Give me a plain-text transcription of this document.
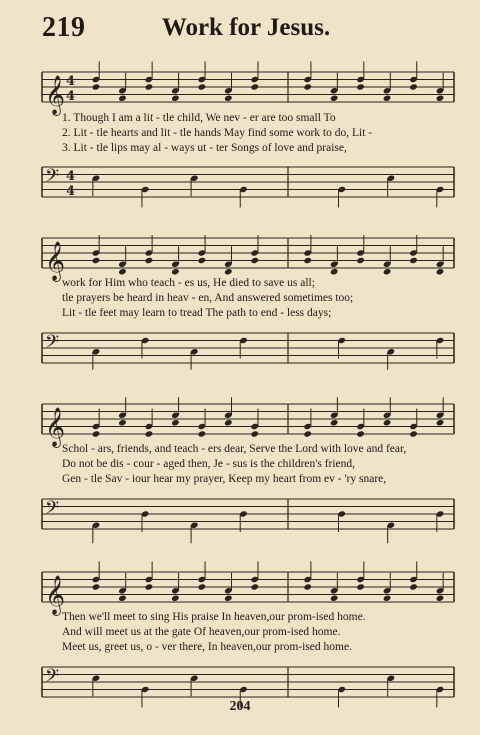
219	Work for Jesus.
𝄞 4
4
1. Though I am a lit - tle child, We nev - er are too small To
2. Lit - tle hearts and lit - tle hands May find some work to do, Lit -
3. Lit - tle lips may al - ways ut - ter Songs of love and praise,
𝄢 4
4
𝄞
work for Him who teach - es us, He died to save us all;
tle prayers be heard in heav - en, And answered sometimes too;
Lit - tle feet may learn to tread The path to end - less days;
𝄢
𝄞
Schol - ars, friends, and teach - ers dear, Serve the Lord with love and fear,
Do not be dis - cour - aged then, Je - sus is the children's friend,
Gen - tle Sav - iour hear my prayer, Keep my heart from ev - 'ry snare,
𝄢
𝄞
Then we'll meet to sing His praise In heaven,our prom-ised home.
And will meet us at the gate Of heaven,our prom-ised home.
Meet us, greet us, o - ver there, In heaven,our prom-ised home.
𝄢
204
